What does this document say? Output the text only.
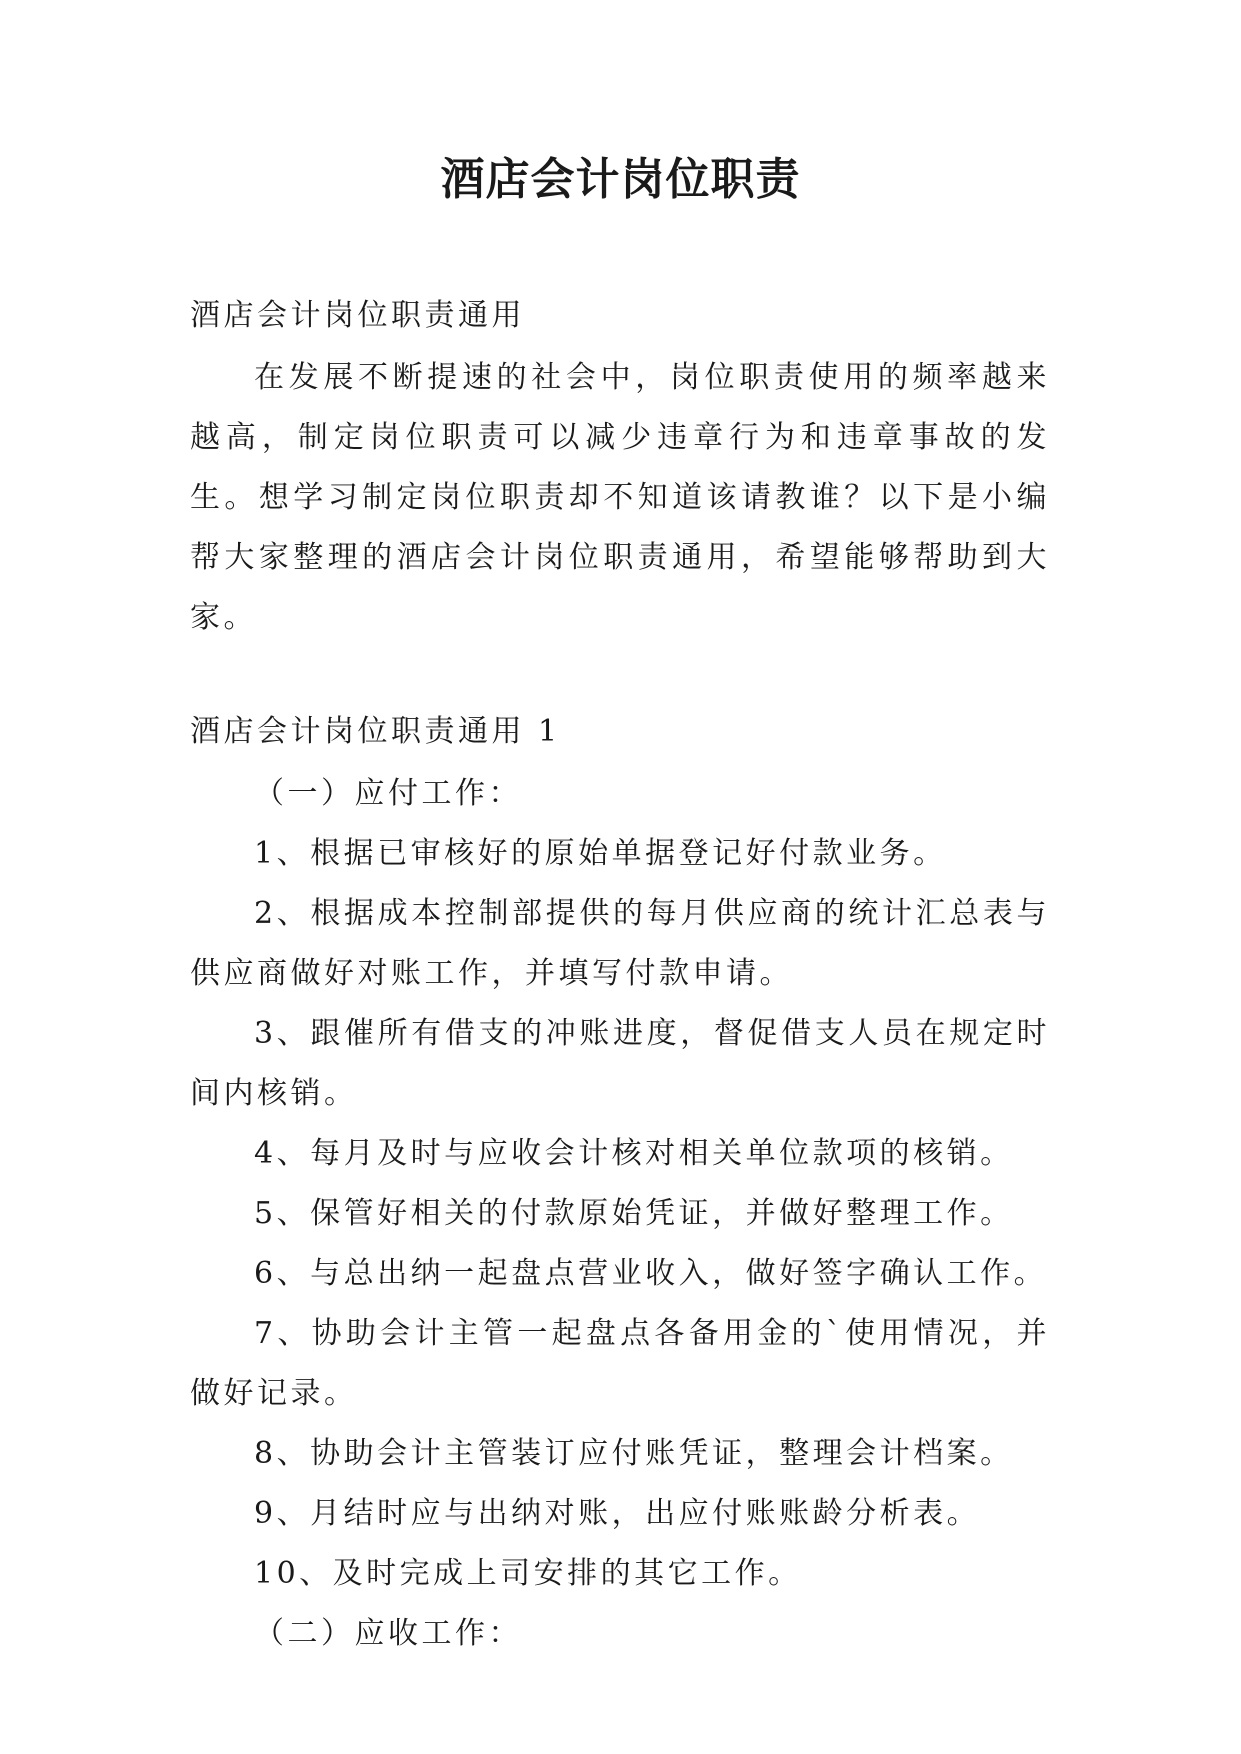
酒店会计岗位职责

酒店会计岗位职责通用

在发展不断提速的社会中，岗位职责使用的频率越来越高，制定岗位职责可以减少违章行为和违章事故的发生。想学习制定岗位职责却不知道该请教谁？以下是小编帮大家整理的酒店会计岗位职责通用，希望能够帮助到大家。

酒店会计岗位职责通用 1

（一）应付工作：

1、根据已审核好的原始单据登记好付款业务。

2、根据成本控制部提供的每月供应商的统计汇总表与供应商做好对账工作，并填写付款申请。

3、跟催所有借支的冲账进度，督促借支人员在规定时间内核销。

4、每月及时与应收会计核对相关单位款项的核销。

5、保管好相关的付款原始凭证，并做好整理工作。

6、与总出纳一起盘点营业收入，做好签字确认工作。

7、协助会计主管一起盘点各备用金的`使用情况，并做好记录。

8、协助会计主管装订应付账凭证，整理会计档案。

9、月结时应与出纳对账，出应付账账龄分析表。

10、及时完成上司安排的其它工作。

（二）应收工作：
